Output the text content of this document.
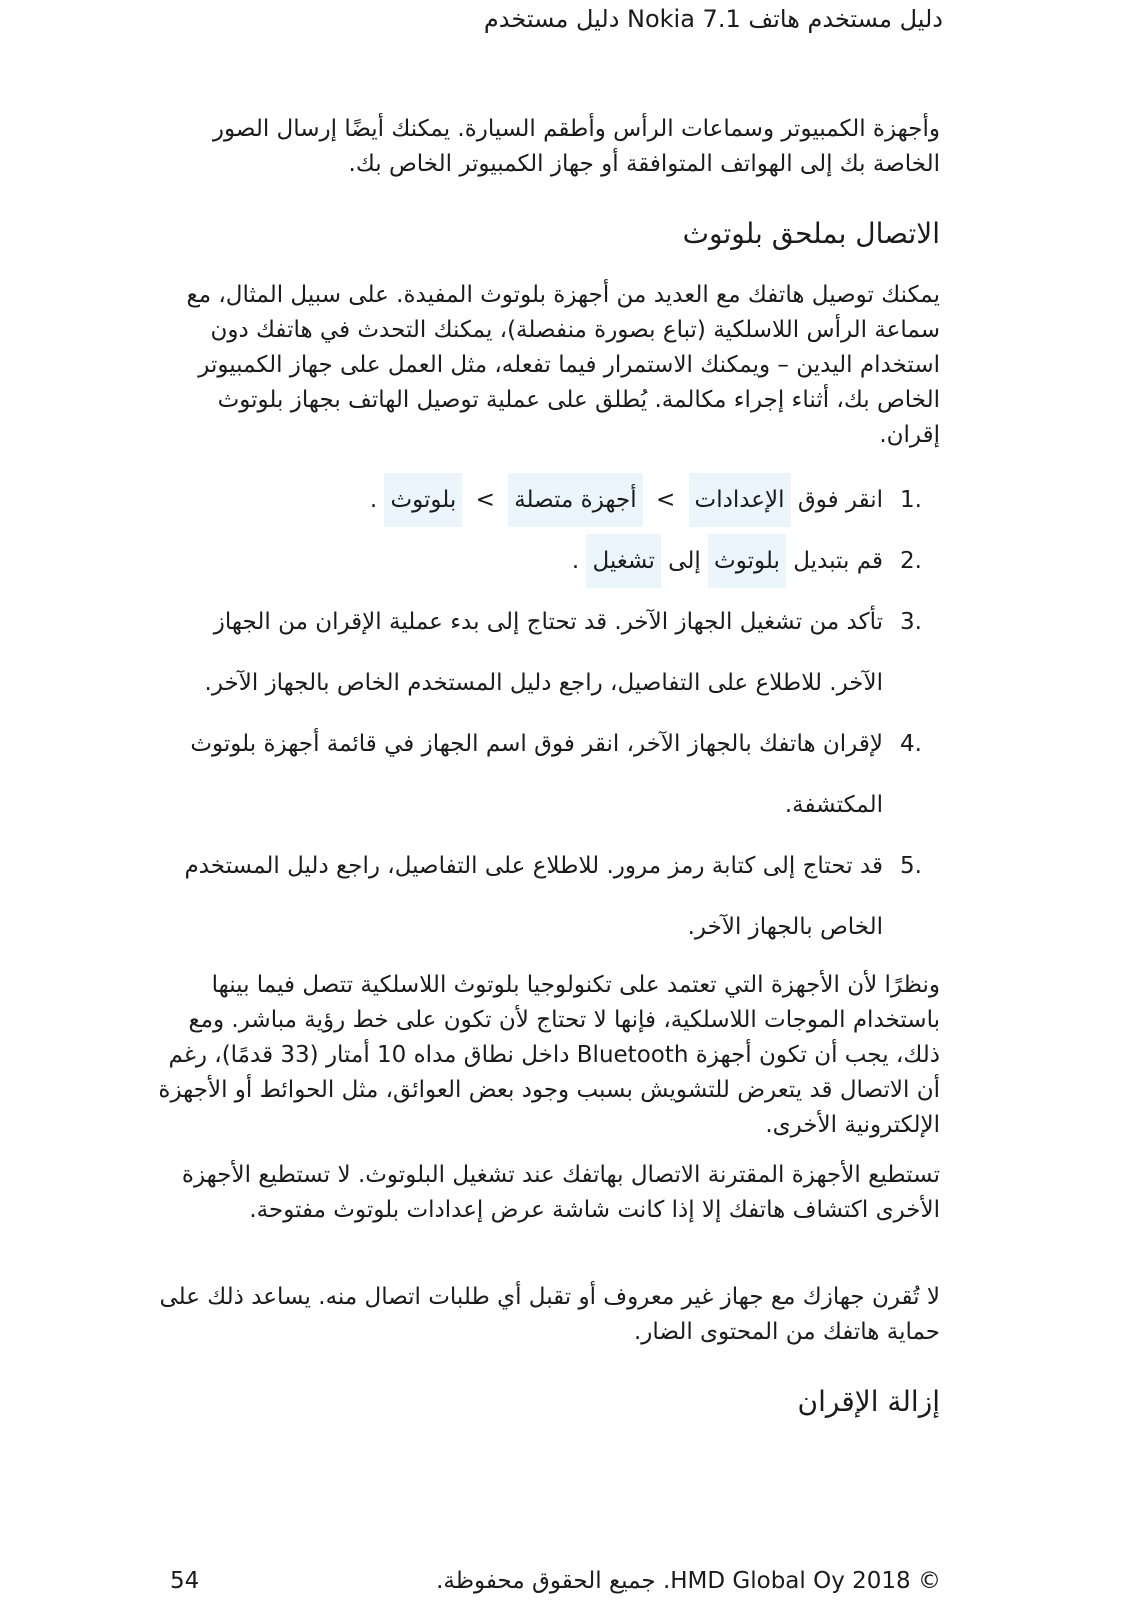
دليل مستخدم هاتف Nokia 7.1 دليل مستخدم

وأجهزة الكمبيوتر وسماعات الرأس وأطقم السيارة. يمكنك أيضًا إرسال الصور الخاصة بك إلى الهواتف المتوافقة أو جهاز الكمبيوتر الخاص بك.

الاتصال بملحق بلوتوث

يمكنك توصيل هاتفك مع العديد من أجهزة بلوتوث المفيدة. على سبيل المثال، مع سماعة الرأس اللاسلكية (تباع بصورة منفصلة)، يمكنك التحدث في هاتفك دون استخدام اليدين – ويمكنك الاستمرار فيما تفعله، مثل العمل على جهاز الكمبيوتر الخاص بك، أثناء إجراء مكالمة. يُطلق على عملية توصيل الهاتف بجهاز بلوتوث إقران.

1.
انقر فوق الإعدادات > أجهزة متصلة > بلوتوث .
2.
قم بتبديل بلوتوث إلى تشغيل .
3.
تأكد من تشغيل الجهاز الآخر. قد تحتاج إلى بدء عملية الإقران من الجهاز الآخر. للاطلاع على التفاصيل، راجع دليل المستخدم الخاص بالجهاز الآخر.
4.
لإقران هاتفك بالجهاز الآخر، انقر فوق اسم الجهاز في قائمة أجهزة بلوتوث المكتشفة.
5.
قد تحتاج إلى كتابة رمز مرور. للاطلاع على التفاصيل، راجع دليل المستخدم الخاص بالجهاز الآخر.

ونظرًا لأن الأجهزة التي تعتمد على تكنولوجيا بلوتوث اللاسلكية تتصل فيما بينها باستخدام الموجات اللاسلكية، فإنها لا تحتاج لأن تكون على خط رؤية مباشر. ومع ذلك، يجب أن تكون أجهزة Bluetooth داخل نطاق مداه 10 أمتار (33 قدمًا)، رغم أن الاتصال قد يتعرض للتشويش بسبب وجود بعض العوائق، مثل الحوائط أو الأجهزة الإلكترونية الأخرى.

تستطيع الأجهزة المقترنة الاتصال بهاتفك عند تشغيل البلوتوث. لا تستطيع الأجهزة الأخرى اكتشاف هاتفك إلا إذا كانت شاشة عرض إعدادات بلوتوث مفتوحة.

لا تُقرن جهازك مع جهاز غير معروف أو تقبل أي طلبات اتصال منه. يساعد ذلك على حماية هاتفك من المحتوى الضار.

إزالة الإقران
© 2018 HMD Global Oy. جميع الحقوق محفوظة.
54
